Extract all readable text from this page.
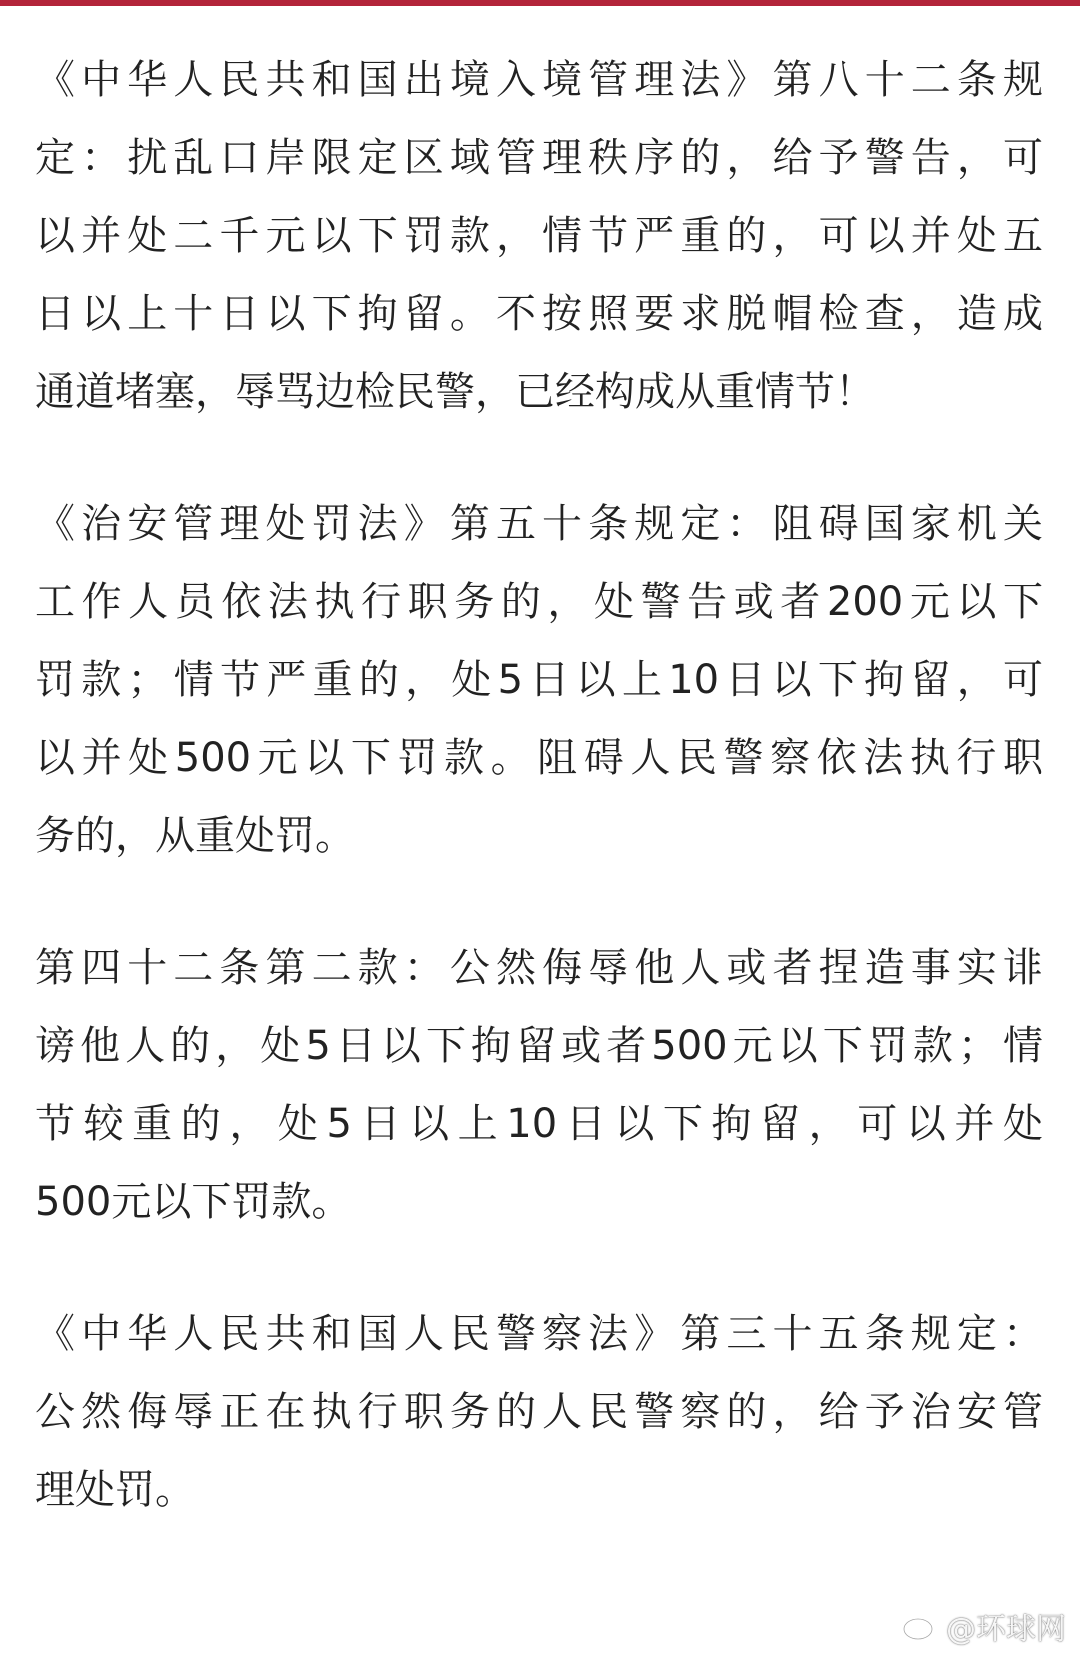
《中华人民共和国出境入境管理法》第八十二条规
定：扰乱口岸限定区域管理秩序的，给予警告，可
以并处二千元以下罚款，情节严重的，可以并处五
日以上十日以下拘留。不按照要求脱帽检查，造成
通道堵塞，辱骂边检民警，已经构成从重情节！
《治安管理处罚法》第五十条规定：阻碍国家机关
工作人员依法执行职务的，处警告或者200元以下
罚款；情节严重的，处5日以上10日以下拘留，可
以并处500元以下罚款。阻碍人民警察依法执行职
务的，从重处罚。
第四十二条第二款：公然侮辱他人或者捏造事实诽
谤他人的，处5日以下拘留或者500元以下罚款；情
节较重的，处5日以上10日以下拘留，可以并处
500元以下罚款。
《中华人民共和国人民警察法》第三十五条规定：
公然侮辱正在执行职务的人民警察的，给予治安管
理处罚。
@环球网
